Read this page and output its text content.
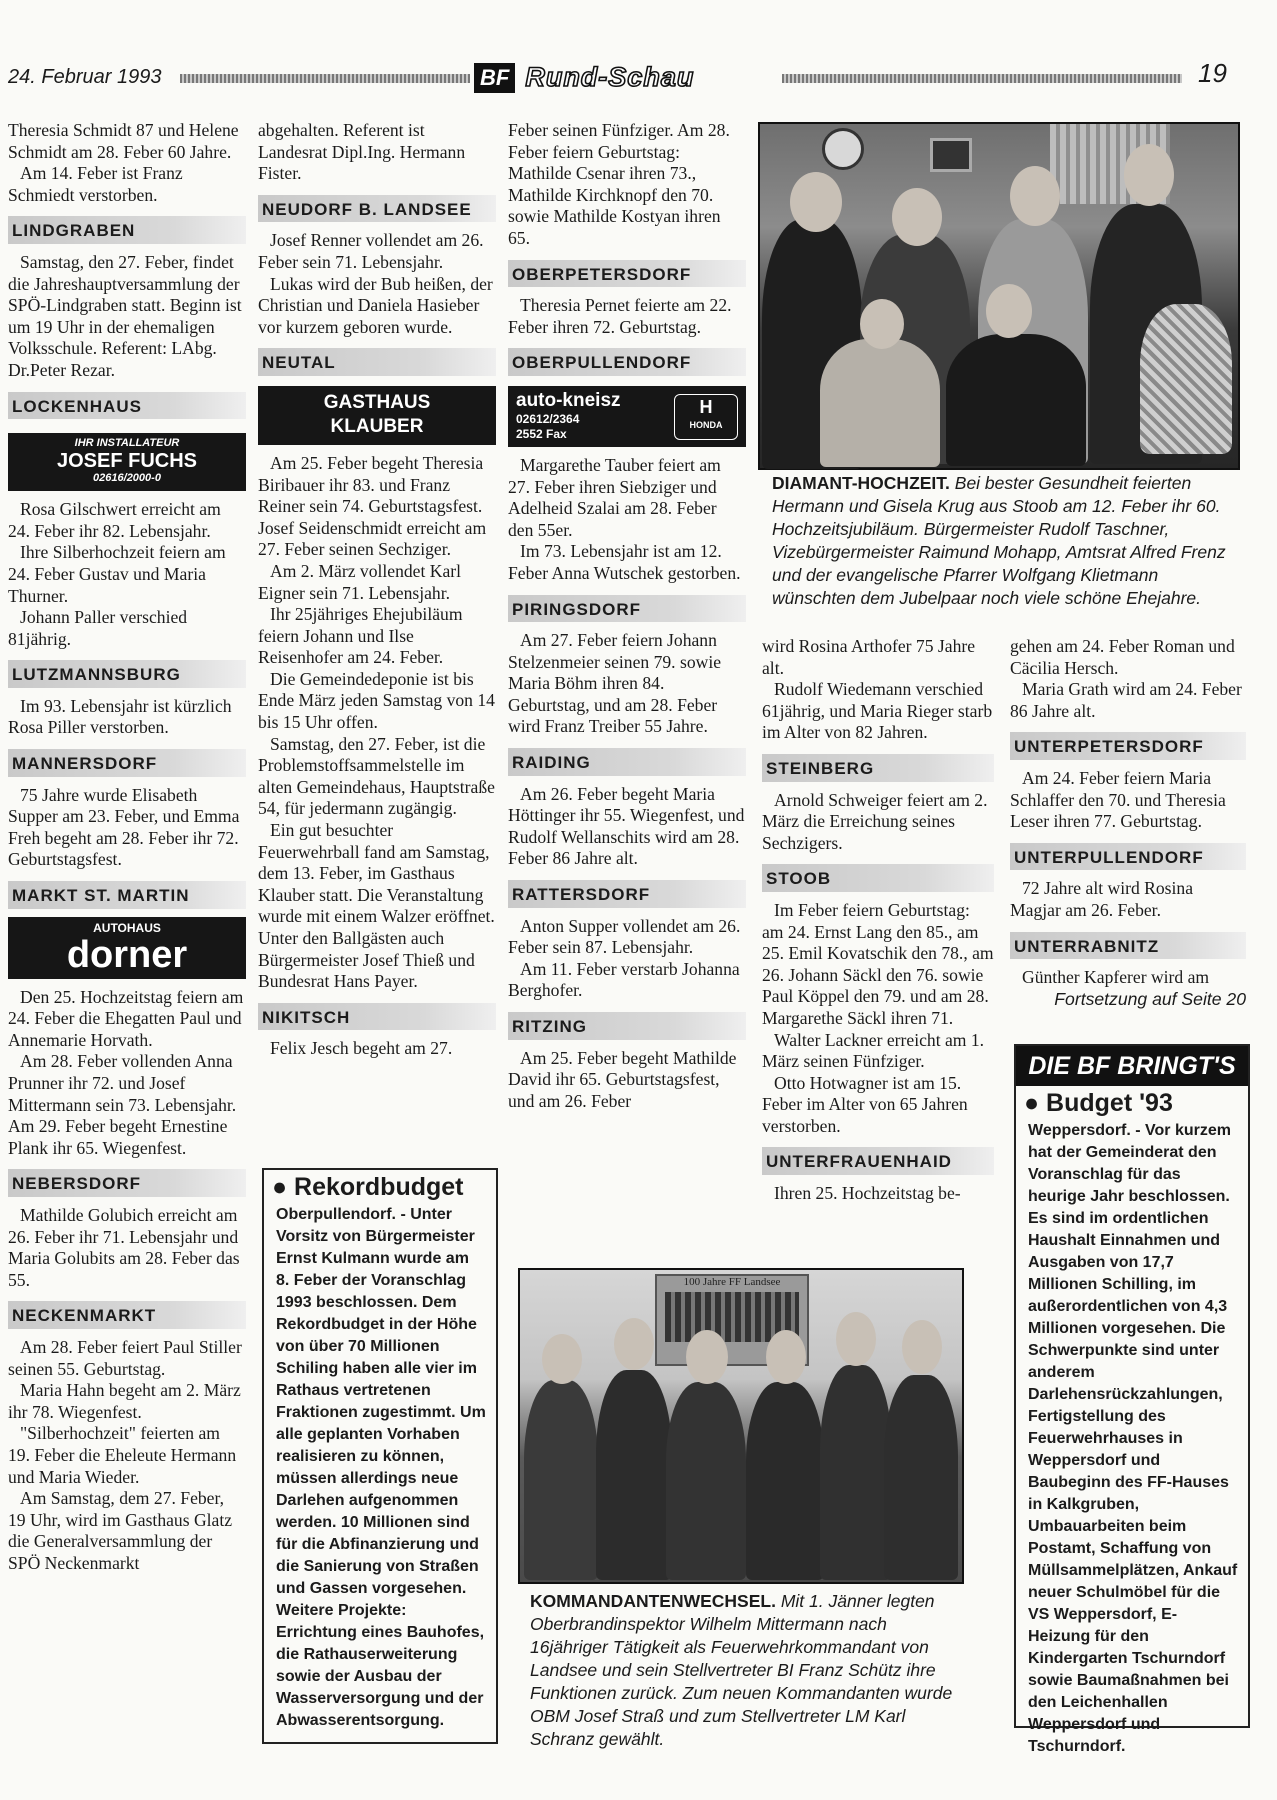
24. Februar 1993	BF Rund-Schau	19

Theresia Schmidt 87 und Helene Schmidt am 28. Feber 60 Jahre.

Am 14. Feber ist Franz Schmiedt verstorben.

LINDGRABEN

Samstag, den 27. Feber, findet die Jahreshauptversammlung der SPÖ-Lindgraben statt. Beginn ist um 19 Uhr in der ehemaligen Volksschule. Referent: LAbg. Dr.Peter Rezar.

LOCKENHAUS
IHR INSTALLATEUR
JOSEF FUCHS
02616/2000-0

Rosa Gilschwert erreicht am 24. Feber ihr 82. Lebensjahr.

Ihre Silberhochzeit feiern am 24. Feber Gustav und Maria Thurner.

Johann Paller verschied 81jährig.

LUTZMANNSBURG

Im 93. Lebensjahr ist kürzlich Rosa Piller verstorben.

MANNERSDORF

75 Jahre wurde Elisabeth Supper am 23. Feber, und Emma Freh begeht am 28. Feber ihr 72. Geburtstagsfest.

MARKT ST. MARTIN
AUTOHAUS
dorner

Den 25. Hochzeitstag feiern am 24. Feber die Ehegatten Paul und Annemarie Horvath.

Am 28. Feber vollenden Anna Prunner ihr 72. und Josef Mittermann sein 73. Lebensjahr. Am 29. Feber begeht Ernestine Plank ihr 65. Wiegenfest.

NEBERSDORF

Mathilde Golubich erreicht am 26. Feber ihr 71. Lebensjahr und Maria Golubits am 28. Feber das 55.

NECKENMARKT

Am 28. Feber feiert Paul Stiller seinen 55. Geburtstag.

Maria Hahn begeht am 2. März ihr 78. Wiegenfest.

"Silberhochzeit" feierten am 19. Feber die Eheleute Hermann und Maria Wieder.

Am Samstag, dem 27. Feber, 19 Uhr, wird im Gasthaus Glatz die Generalversammlung der SPÖ Neckenmarkt

abgehalten. Referent ist Landesrat Dipl.Ing. Hermann Fister.

NEUDORF B. LANDSEE

Josef Renner vollendet am 26. Feber sein 71. Lebensjahr.

Lukas wird der Bub heißen, der Christian und Daniela Hasieber vor kurzem geboren wurde.

NEUTAL
GASTHAUS
KLAUBER

Am 25. Feber begeht Theresia Biribauer ihr 83. und Franz Reiner sein 74. Geburtstagsfest. Josef Seidenschmidt erreicht am 27. Feber seinen Sechziger.

Am 2. März vollendet Karl Eigner sein 71. Lebensjahr.

Ihr 25jähriges Ehejubiläum feiern Johann und Ilse Reisenhofer am 24. Feber.

Die Gemeindedeponie ist bis Ende März jeden Samstag von 14 bis 15 Uhr offen.

Samstag, den 27. Feber, ist die Problemstoffsammelstelle im alten Gemeindehaus, Hauptstraße 54, für jedermann zugängig.

Ein gut besuchter Feuerwehrball fand am Samstag, dem 13. Feber, im Gasthaus Klauber statt. Die Veranstaltung wurde mit einem Walzer eröffnet. Unter den Ballgästen auch Bürgermeister Josef Thieß und Bundesrat Hans Payer.

NIKITSCH

Felix Jesch begeht am 27.

● Rekordbudget
Oberpullendorf. - Unter Vorsitz von Bürgermeister Ernst Kulmann wurde am 8. Feber der Voranschlag 1993 beschlossen. Dem Rekordbudget in der Höhe von über 70 Millionen Schiling haben alle vier im Rathaus vertretenen Fraktionen zugestimmt. Um alle geplanten Vorhaben realisieren zu können, müssen allerdings neue Darlehen aufgenommen werden. 10 Millionen sind für die Abfinanzierung und die Sanierung von Straßen und Gassen vorgesehen. Weitere Projekte: Errichtung eines Bauhofes, die Rathauserweiterung sowie der Ausbau der Wasserversorgung und der Abwasserentsorgung.

Feber seinen Fünfziger. Am 28. Feber feiern Geburtstag: Mathilde Csenar ihren 73., Mathilde Kirchknopf den 70. sowie Mathilde Kostyan ihren 65.

OBERPETERSDORF

Theresia Pernet feierte am 22. Feber ihren 72. Geburtstag.

OBERPULLENDORF
auto-kneisz
02612/2364
2552 Fax
H
HONDA

Margarethe Tauber feiert am 27. Feber ihren Siebziger und Adelheid Szalai am 28. Feber den 55er.

Im 73. Lebensjahr ist am 12. Feber Anna Wutschek gestorben.

PIRINGSDORF

Am 27. Feber feiern Johann Stelzenmeier seinen 79. sowie Maria Böhm ihren 84. Geburtstag, und am 28. Feber wird Franz Treiber 55 Jahre.

RAIDING

Am 26. Feber begeht Maria Höttinger ihr 55. Wiegenfest, und Rudolf Wellanschits wird am 28. Feber 86 Jahre alt.

RATTERSDORF

Anton Supper vollendet am 26. Feber sein 87. Lebensjahr.

Am 11. Feber verstarb Johanna Berghofer.

RITZING

Am 25. Feber begeht Mathilde David ihr 65. Geburtstagsfest, und am 26. Feber

DIAMANT-HOCHZEIT. Bei bester Gesundheit feierten Hermann und Gisela Krug aus Stoob am 12. Feber ihr 60. Hochzeitsjubiläum. Bürgermeister Rudolf Taschner, Vizebürgermeister Raimund Mohapp, Amtsrat Alfred Frenz und der evangelische Pfarrer Wolfgang Klietmann wünschten dem Jubelpaar noch viele schöne Ehejahre.

wird Rosina Arthofer 75 Jahre alt.

Rudolf Wiedemann verschied 61jährig, und Maria Rieger starb im Alter von 82 Jahren.

STEINBERG

Arnold Schweiger feiert am 2. März die Erreichung seines Sechzigers.

STOOB

Im Feber feiern Geburtstag: am 24. Ernst Lang den 85., am 25. Emil Kovatschik den 78., am 26. Johann Säckl den 76. sowie Paul Köppel den 79. und am 28. Margarethe Säckl ihren 71.

Walter Lackner erreicht am 1. März seinen Fünfziger.

Otto Hotwagner ist am 15. Feber im Alter von 65 Jahren verstorben.

UNTERFRAUENHAID

Ihren 25. Hochzeitstag be-

gehen am 24. Feber Roman und Cäcilia Hersch.

Maria Grath wird am 24. Feber 86 Jahre alt.

UNTERPETERSDORF

Am 24. Feber feiern Maria Schlaffer den 70. und Theresia Leser ihren 77. Geburtstag.

UNTERPULLENDORF

72 Jahre alt wird Rosina Magjar am 26. Feber.

UNTERRABNITZ

Günther Kapferer wird am

Fortsetzung auf Seite 20

100 Jahre FF Landsee
KOMMANDANTENWECHSEL. Mit 1. Jänner legten Oberbrandinspektor Wilhelm Mittermann nach 16jähriger Tätigkeit als Feuerwehrkommandant von Landsee und sein Stellvertreter BI Franz Schütz ihre Funktionen zurück. Zum neuen Kommandanten wurde OBM Josef Straß und zum Stellvertreter LM Karl Schranz gewählt.
DIE BF BRINGT'S
● Budget '93
Weppersdorf. - Vor kurzem hat der Gemeinderat den Voranschlag für das heurige Jahr beschlossen. Es sind im ordentlichen Haushalt Einnahmen und Ausgaben von 17,7 Millionen Schilling, im außerordentlichen von 4,3 Millionen vorgesehen. Die Schwerpunkte sind unter anderem Darlehensrückzahlungen, Fertigstellung des Feuerwehrhauses in Weppersdorf und Baubeginn des FF-Hauses in Kalkgruben, Umbauarbeiten beim Postamt, Schaffung von Müllsammelplätzen, Ankauf neuer Schulmöbel für die VS Weppersdorf, E-Heizung für den Kindergarten Tschurndorf sowie Baumaßnahmen bei den Leichenhallen Weppersdorf und Tschurndorf.
